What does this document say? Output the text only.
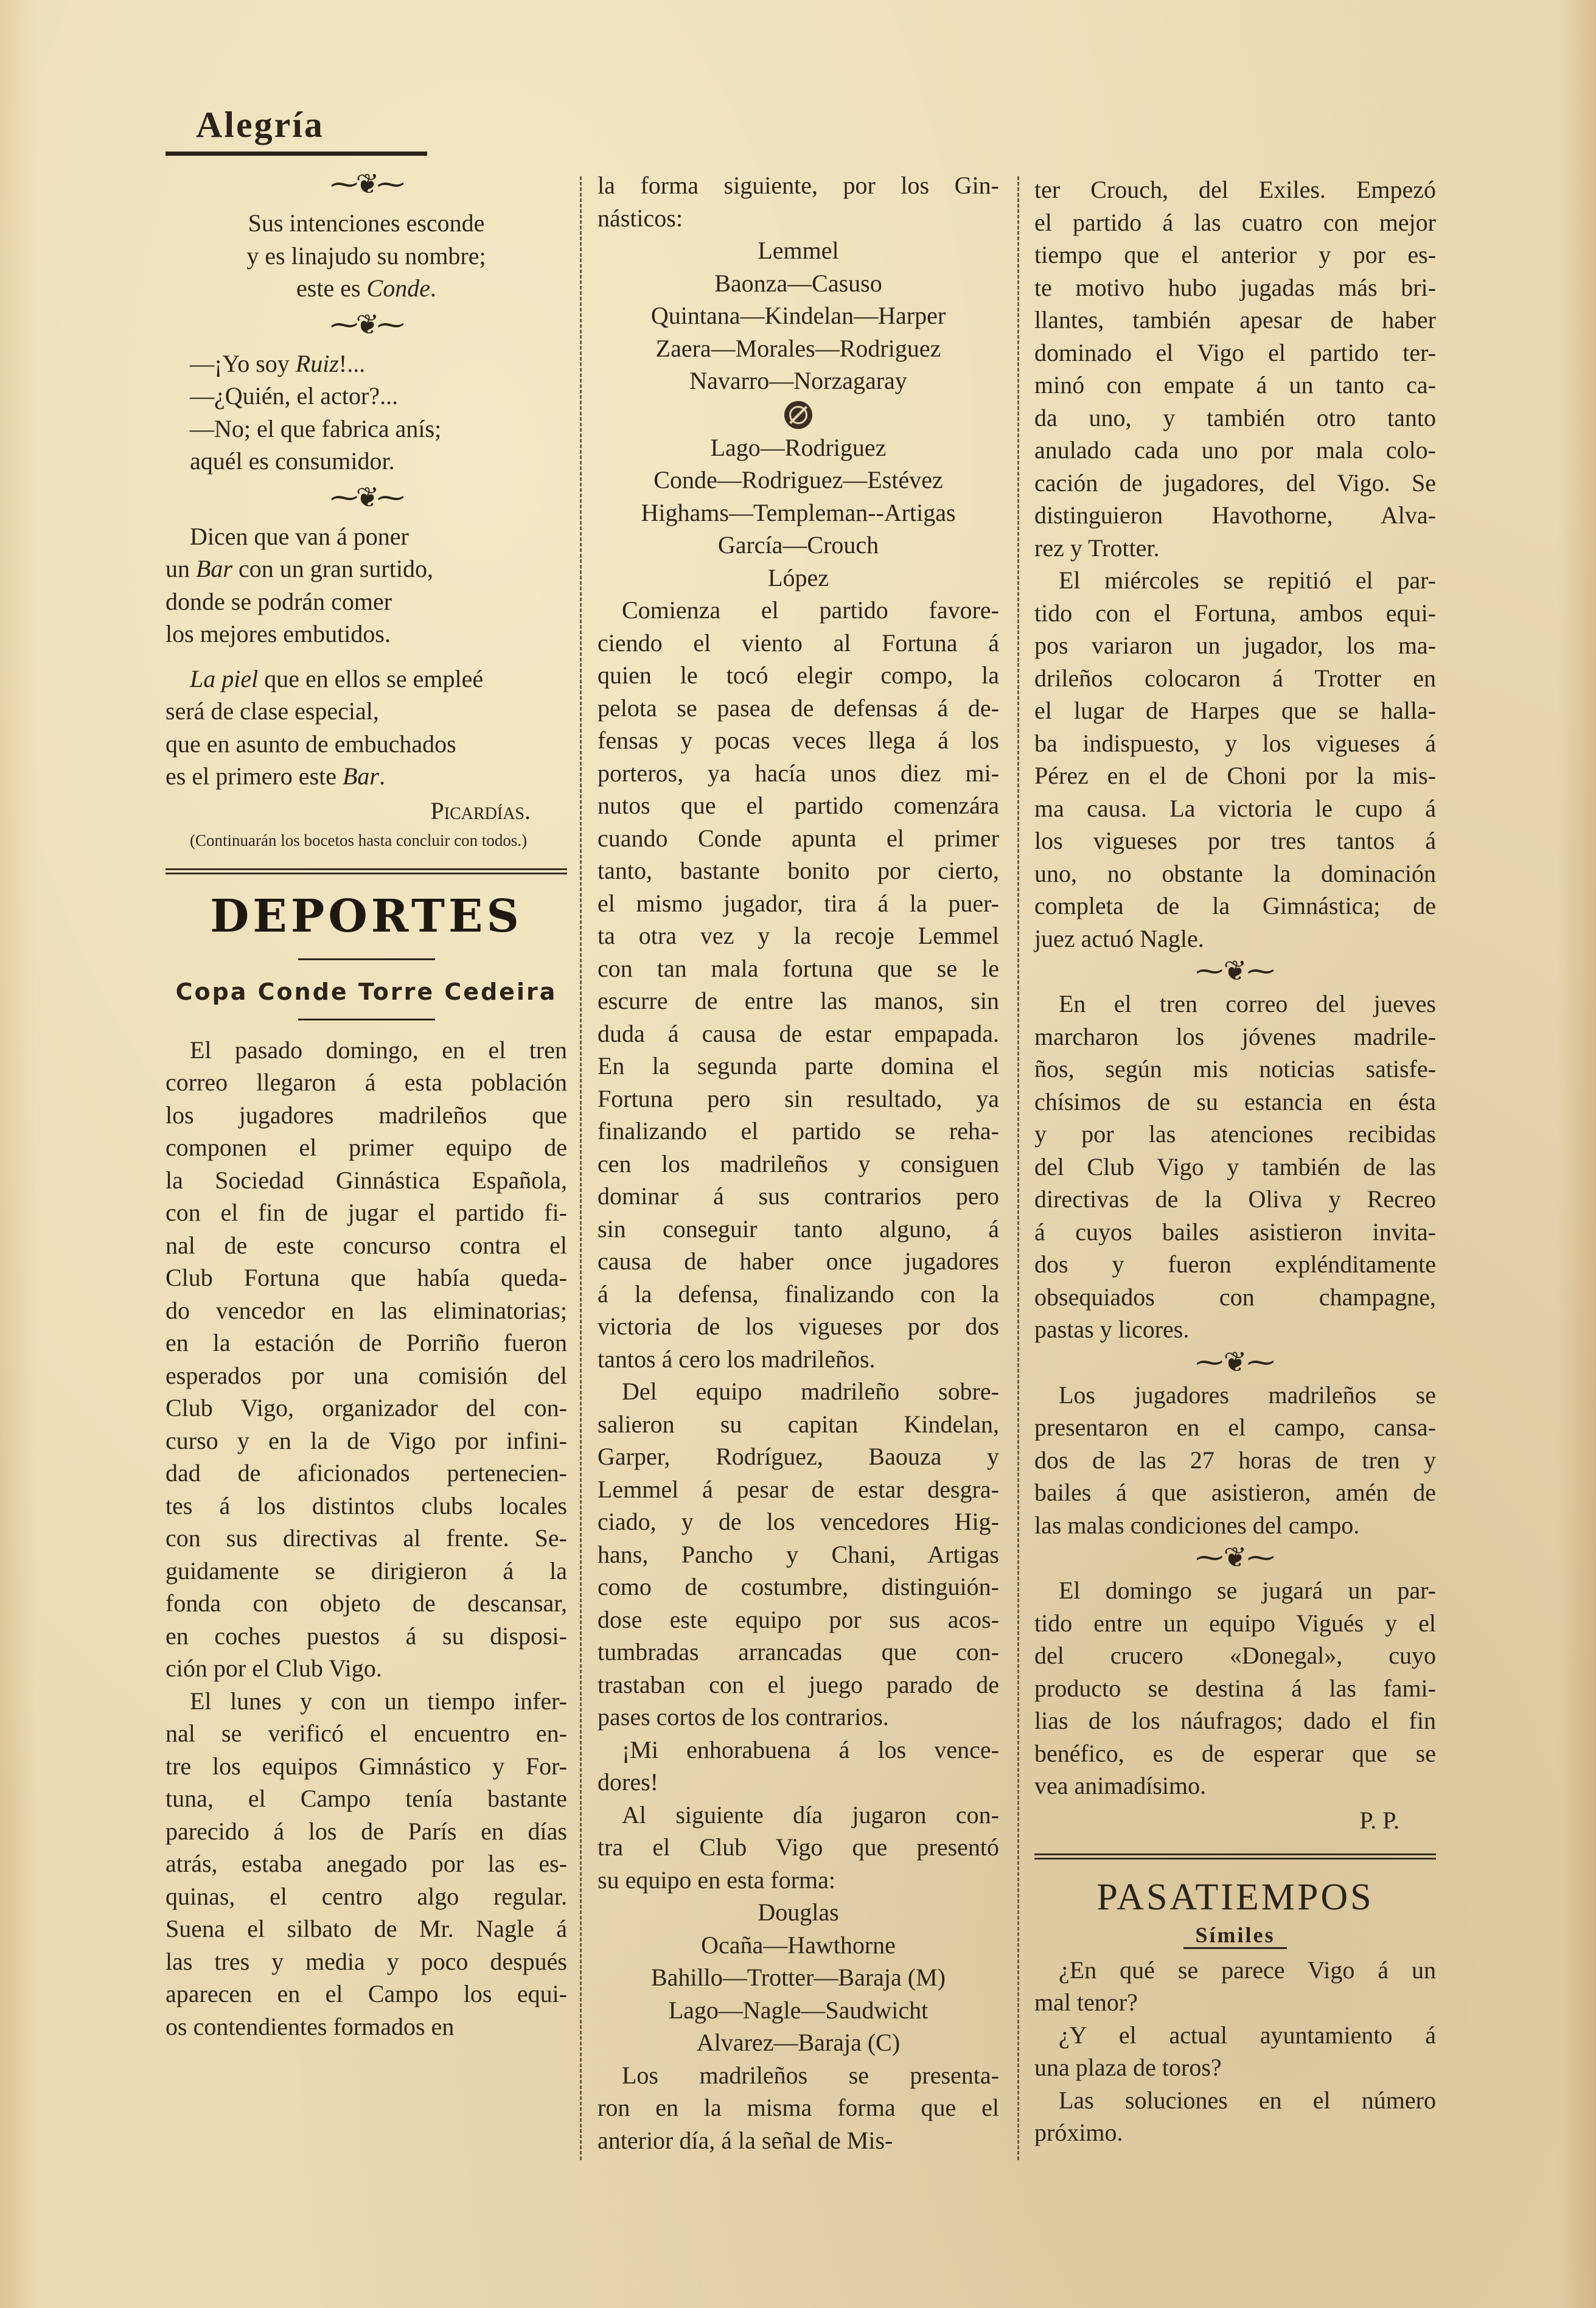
Alegría
⁓❦⁓

Sus intenciones esconde

y es linajudo su nombre;

este es Conde.

⁓❦⁓

—¡Yo soy Ruiz!...

—¿Quién, el actor?...

—No; el que fabrica anís;

aquél es consumidor.

⁓❦⁓

Dicen que van á poner

un Bar con un gran surtido,

donde se podrán comer

los mejores embutidos.

La piel que en ellos se empleé

será de clase especial,

que en asunto de embuchados

es el primero este Bar.

Picardías.

(Continuarán los bocetos hasta concluir con todos.)

DEPORTES
Copa Conde Torre Cedeira

El pasado domingo, en el tren

correo llegaron á esta población

los jugadores madrileños que

componen el primer equipo de

la Sociedad Ginnástica Española,

con el fin de jugar el partido fi-

nal de este concurso contra el

Club Fortuna que había queda-

do vencedor en las eliminatorias;

en la estación de Porriño fueron

esperados por una comisión del

Club Vigo, organizador del con-

curso y en la de Vigo por infini-

dad de aficionados pertenecien-

tes á los distintos clubs locales

con sus directivas al frente. Se-

guidamente se dirigieron á la

fonda con objeto de descansar,

en coches puestos á su disposi-

ción por el Club Vigo.

El lunes y con un tiempo infer-

nal se verificó el encuentro en-

tre los equipos Gimnástico y For-

tuna, el Campo tenía bastante

parecido á los de París en días

atrás, estaba anegado por las es-

quinas, el centro algo regular.

Suena el silbato de Mr. Nagle á

las tres y media y poco después

aparecen en el Campo los equi-

os contendientes formados en

la forma siguiente, por los Gin-

násticos:

Lemmel

Baonza—Casuso

Quintana—Kindelan—Harper

Zaera—Morales—Rodriguez

Navarro—Norzagaray

Lago—Rodriguez

Conde—Rodriguez—Estévez

Highams—Templeman--Artigas

García—Crouch

López

Comienza el partido favore-

ciendo el viento al Fortuna á

quien le tocó elegir compo, la

pelota se pasea de defensas á de-

fensas y pocas veces llega á los

porteros, ya hacía unos diez mi-

nutos que el partido comenzára

cuando Conde apunta el primer

tanto, bastante bonito por cierto,

el mismo jugador, tira á la puer-

ta otra vez y la recoje Lemmel

con tan mala fortuna que se le

escurre de entre las manos, sin

duda á causa de estar empapada.

En la segunda parte domina el

Fortuna pero sin resultado, ya

finalizando el partido se reha-

cen los madrileños y consiguen

dominar á sus contrarios pero

sin conseguir tanto alguno, á

causa de haber once jugadores

á la defensa, finalizando con la

victoria de los vigueses por dos

tantos á cero los madrileños.

Del equipo madrileño sobre-

salieron su capitan Kindelan,

Garper, Rodríguez, Baouza y

Lemmel á pesar de estar desgra-

ciado, y de los vencedores Hig-

hans, Pancho y Chani, Artigas

como de costumbre, distinguión-

dose este equipo por sus acos-

tumbradas arrancadas que con-

trastaban con el juego parado de

pases cortos de los contrarios.

¡Mi enhorabuena á los vence-

dores!

Al siguiente día jugaron con-

tra el Club Vigo que presentó

su equipo en esta forma:

Douglas

Ocaña—Hawthorne

Bahillo—Trotter—Baraja (M)

Lago—Nagle—Saudwicht

Alvarez—Baraja (C)

Los madrileños se presenta-

ron en la misma forma que el

anterior día, á la señal de Mis-

ter Crouch, del Exiles. Empezó

el partido á las cuatro con mejor

tiempo que el anterior y por es-

te motivo hubo jugadas más bri-

llantes, también apesar de haber

dominado el Vigo el partido ter-

minó con empate á un tanto ca-

da uno, y también otro tanto

anulado cada uno por mala colo-

cación de jugadores, del Vigo. Se

distinguieron Havothorne, Alva-

rez y Trotter.

El miércoles se repitió el par-

tido con el Fortuna, ambos equi-

pos variaron un jugador, los ma-

drileños colocaron á Trotter en

el lugar de Harpes que se halla-

ba indispuesto, y los vigueses á

Pérez en el de Choni por la mis-

ma causa. La victoria le cupo á

los vigueses por tres tantos á

uno, no obstante la dominación

completa de la Gimnástica; de

juez actuó Nagle.

⁓❦⁓

En el tren correo del jueves

marcharon los jóvenes madrile-

ños, según mis noticias satisfe-

chísimos de su estancia en ésta

y por las atenciones recibidas

del Club Vigo y también de las

directivas de la Oliva y Recreo

á cuyos bailes asistieron invita-

dos y fueron explénditamente

obsequiados con champagne,

pastas y licores.

⁓❦⁓

Los jugadores madrileños se

presentaron en el campo, cansa-

dos de las 27 horas de tren y

bailes á que asistieron, amén de

las malas condiciones del campo.

⁓❦⁓

El domingo se jugará un par-

tido entre un equipo Vigués y el

del crucero «Donegal», cuyo

producto se destina á las fami-

lias de los náufragos; dado el fin

benéfico, es de esperar que se

vea animadísimo.

P. P.
PASATIEMPOS
Símiles

¿En qué se parece Vigo á un

mal tenor?

¿Y el actual ayuntamiento á

una plaza de toros?

Las soluciones en el número

próximo.
